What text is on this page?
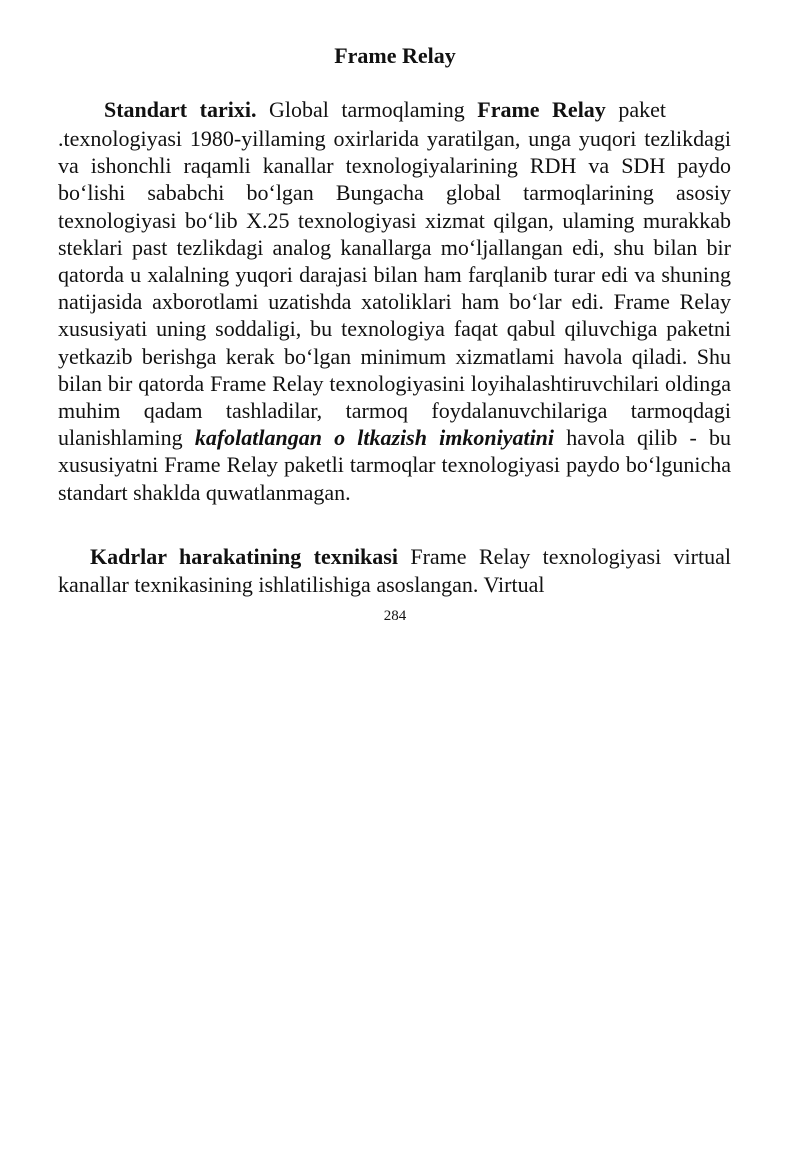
Frame Relay
Standart tarixi. Global tarmoqlaming Frame Relay paket

.texnologiyasi 1980-yillaming oxirlarida yaratilgan, unga yuqori tezlikdagi va ishonchli raqamli kanallar texnologiyalarining RDH va SDH paydo bo‘lishi sababchi bo‘lgan Bungacha global tarmoqlarining asosiy texnologiyasi bo‘lib X.25 texnologiyasi xizmat qilgan, ulaming murakkab steklari past tezlikdagi analog kanallarga mo‘ljallangan edi, shu bilan bir qatorda u xalalning yuqori darajasi bilan ham farqlanib turar edi va shuning natijasida axborotlami uzatishda xatoliklari ham bo‘lar edi. Frame Relay xususiyati uning soddaligi, bu texnologiya faqat qabul qiluvchiga paketni yetkazib berishga kerak bo‘lgan minimum xizmatlami havola qiladi. Shu bilan bir qatorda Frame Relay texnologiyasini loyihalashtiruvchilari oldinga muhim qadam tashladilar, tarmoq foydalanuvchilariga tarmoqdagi ulanishlaming kafolatlangan o ltkazish imkoniyatini havola qilib - bu xususiyatni Frame Relay paketli tarmoqlar texnologiyasi paydo bo‘lgunicha standart shaklda quwatlanmagan.

Kadrlar harakatining texnikasi Frame Relay texnologiyasi virtual kanallar texnikasining ishlatilishiga asoslangan. Virtual

284
